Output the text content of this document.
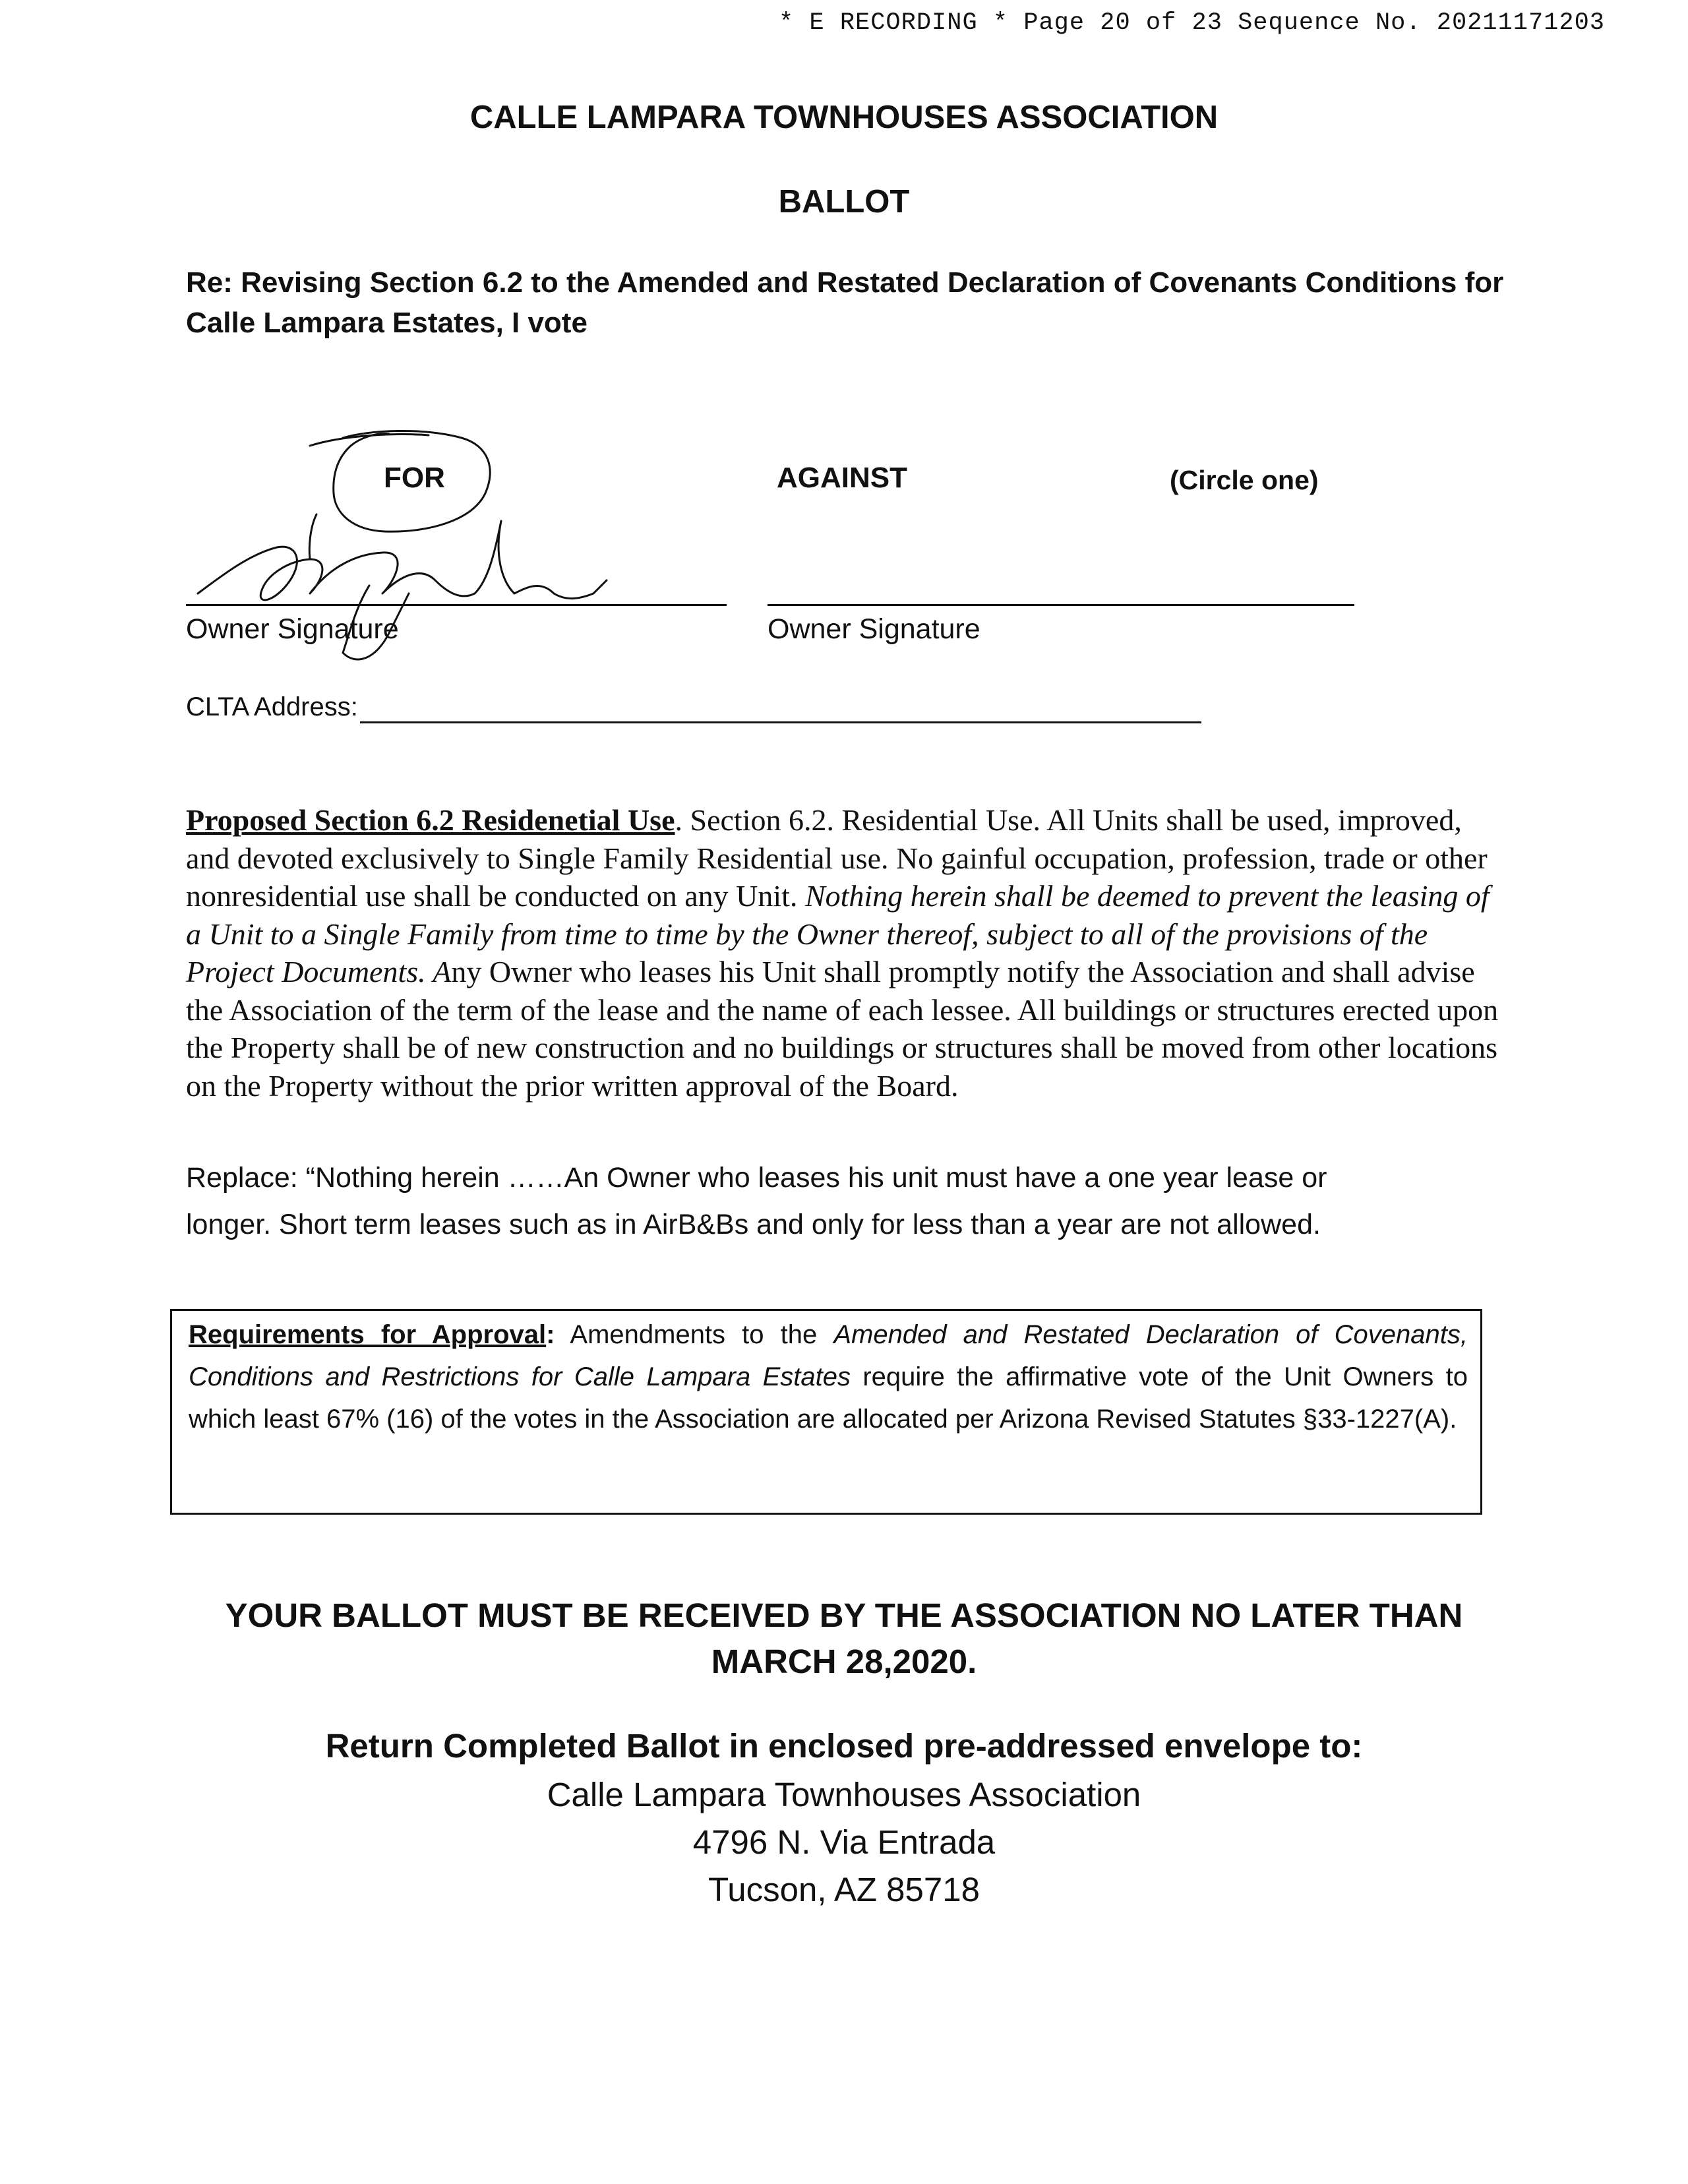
* E RECORDING * Page 20 of 23 Sequence No. 20211171203
CALLE LAMPARA TOWNHOUSES ASSOCIATION
BALLOT
Re: Revising Section 6.2 to the Amended and Restated Declaration of Covenants Conditions for Calle Lampara Estates, I vote
FOR	AGAINST	(Circle one)
Owner Signature	Owner Signature
CLTA Address:
Proposed Section 6.2 Residenetial Use. Section 6.2. Residential Use. All Units shall be used, improved, and devoted exclusively to Single Family Residential use. No gainful occupation, profession, trade or other nonresidential use shall be conducted on any Unit. Nothing herein shall be deemed to prevent the leasing of a Unit to a Single Family from time to time by the Owner thereof, subject to all of the provisions of the Project Documents. Any Owner who leases his Unit shall promptly notify the Association and shall advise the Association of the term of the lease and the name of each lessee. All buildings or structures erected upon the Property shall be of new construction and no buildings or structures shall be moved from other locations on the Property without the prior written approval of the Board.
Replace: “Nothing herein ……An Owner who leases his unit must have a one year lease or
longer. Short term leases such as in AirB&Bs and only for less than a year are not allowed.
Requirements for Approval: Amendments to the Amended and Restated Declaration of Covenants, Conditions and Restrictions for Calle Lampara Estates require the affirmative vote of the Unit Owners to which least 67% (16) of the votes in the Association are allocated per Arizona Revised Statutes §33-1227(A).
YOUR BALLOT MUST BE RECEIVED BY THE ASSOCIATION NO LATER THAN
MARCH 28,2020.
Return Completed Ballot in enclosed pre-addressed envelope to:
Calle Lampara Townhouses Association
4796 N. Via Entrada
Tucson, AZ 85718
